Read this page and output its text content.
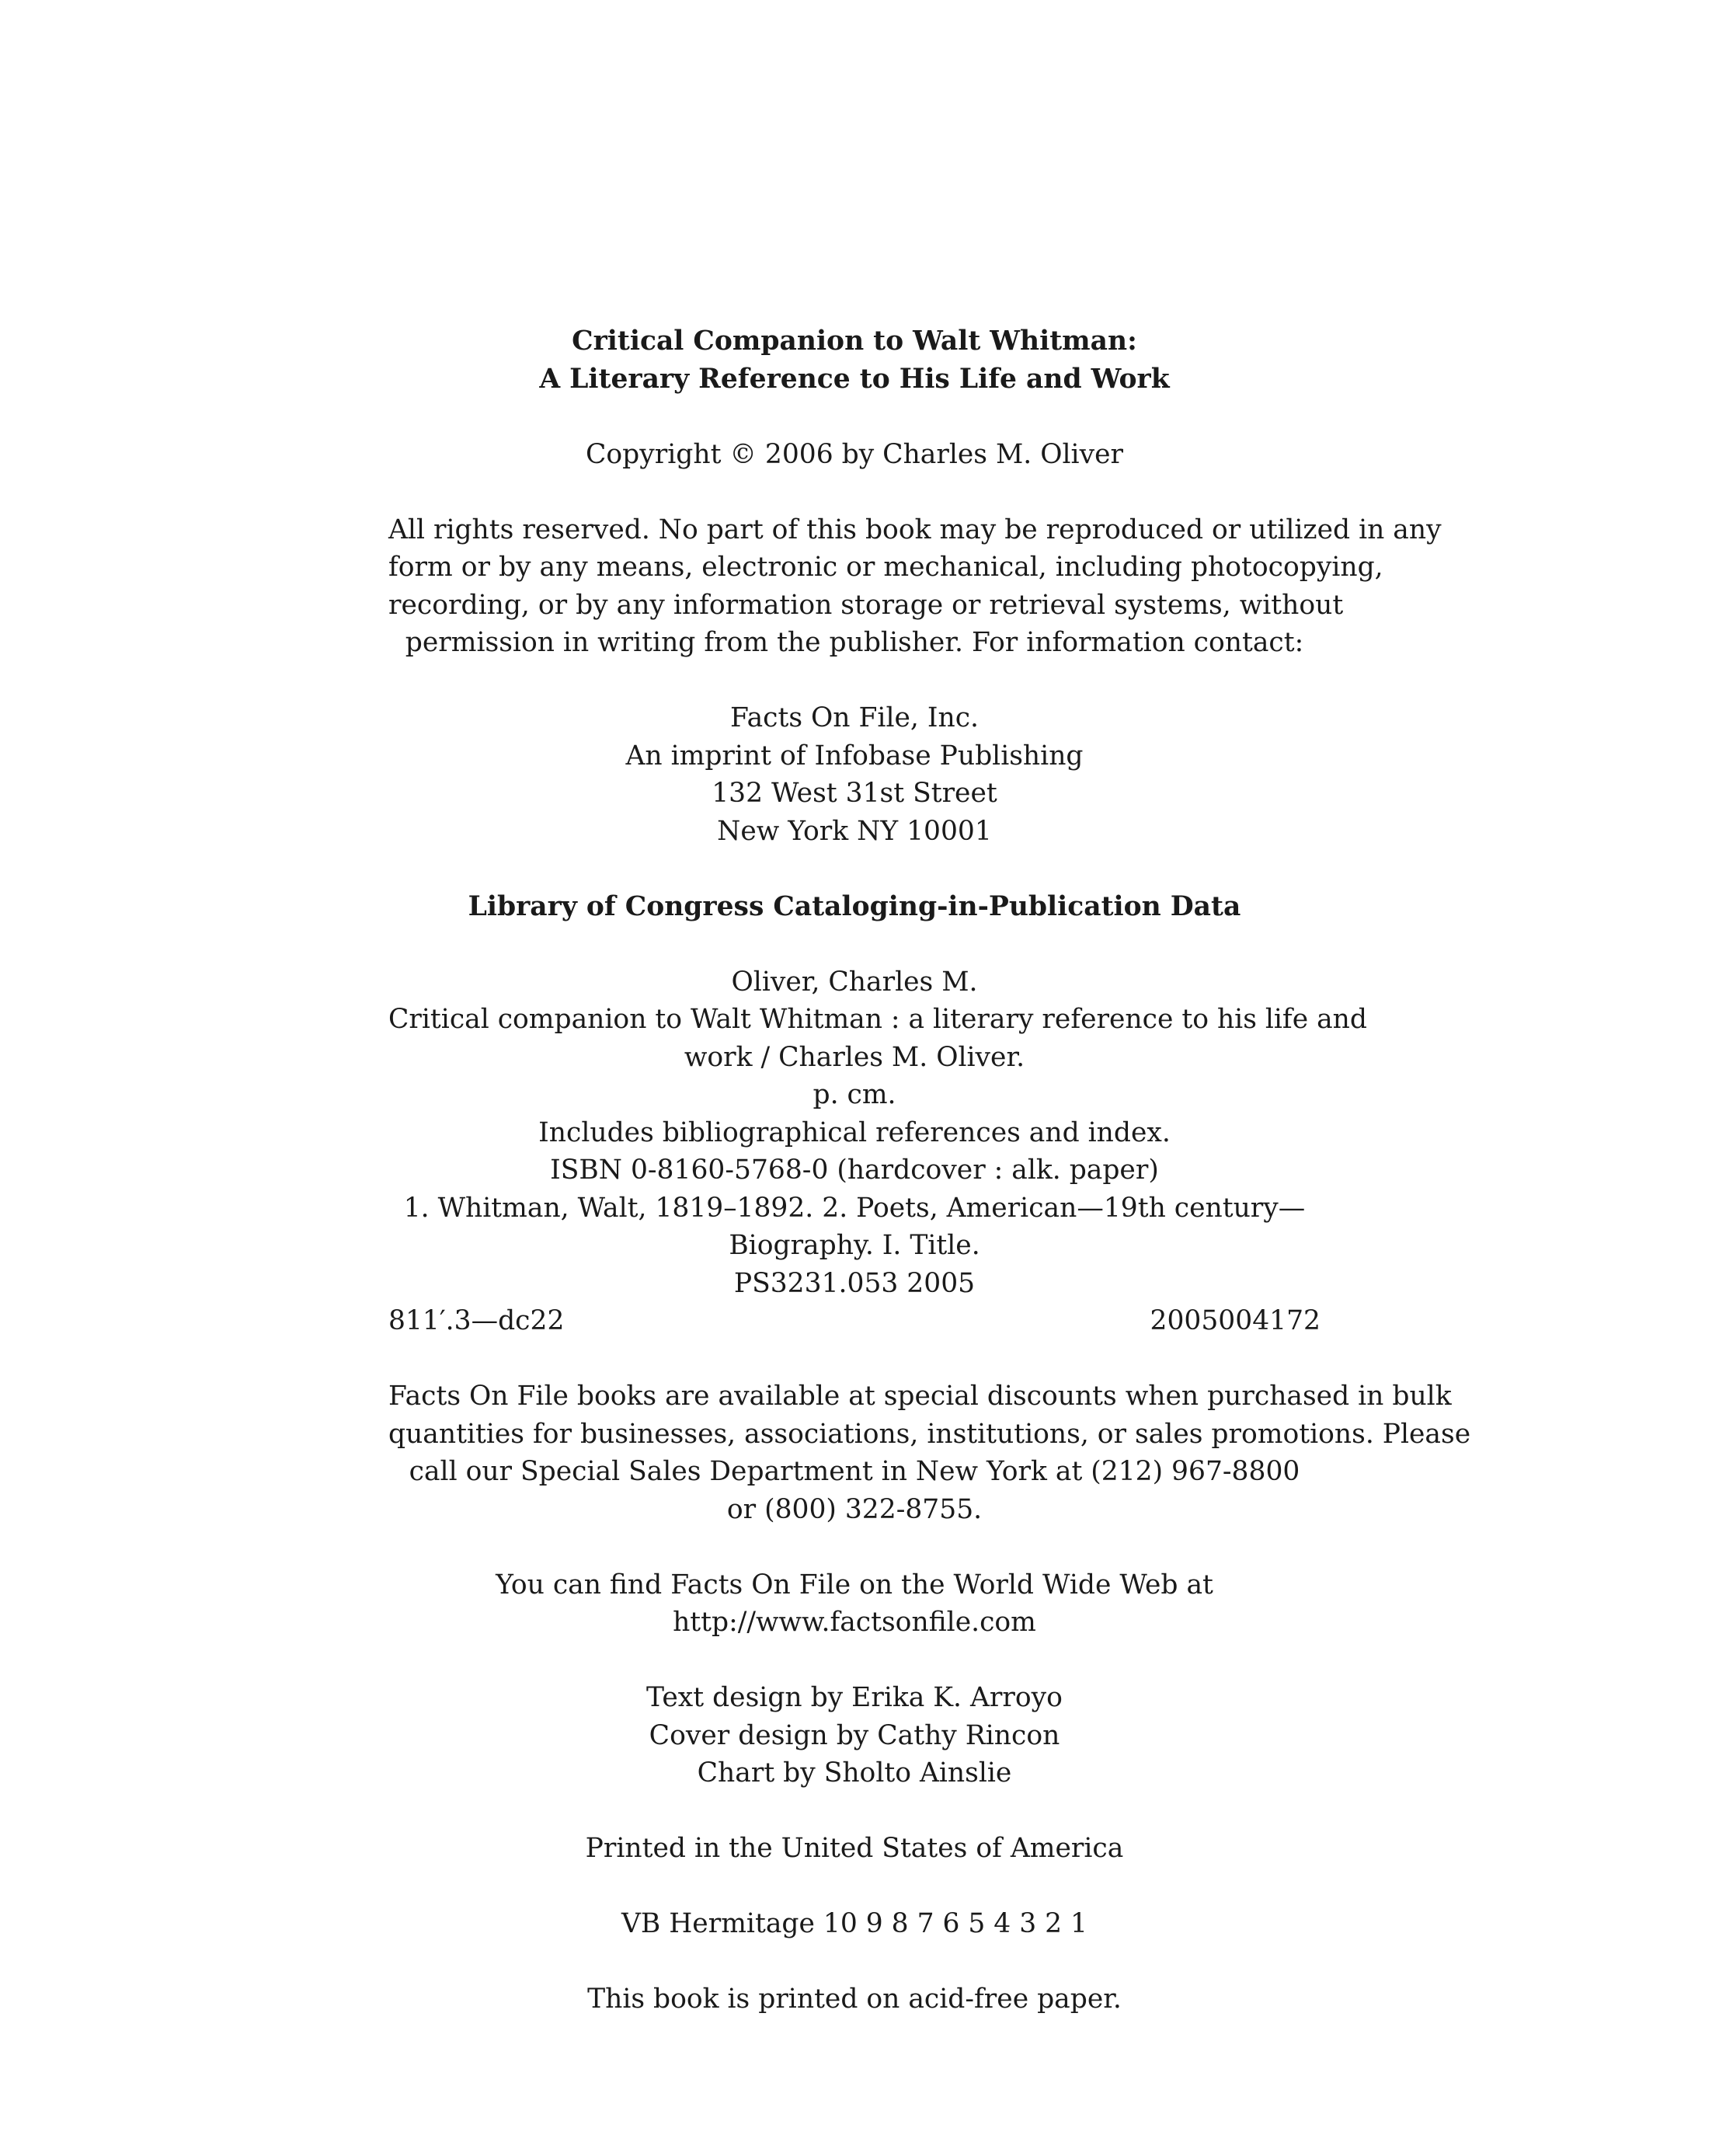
Critical Companion to Walt Whitman:
A Literary Reference to His Life and Work
Copyright © 2006 by Charles M. Oliver
All rights reserved. No part of this book may be reproduced or utilized in any
form or by any means, electronic or mechanical, including photocopying,
recording, or by any information storage or retrieval systems, without
permission in writing from the publisher. For information contact:
Facts On File, Inc.
An imprint of Infobase Publishing
132 West 31st Street
New York NY 10001
Library of Congress Cataloging-in-Publication Data
Oliver, Charles M.
Critical companion to Walt Whitman : a literary reference to his life and
work / Charles M. Oliver.
p. cm.
Includes bibliographical references and index.
ISBN 0-8160-5768-0 (hardcover : alk. paper)
1. Whitman, Walt, 1819–1892. 2. Poets, American—19th century—
Biography. I. Title.
PS3231.053 2005
811′.3—dc22	2005004172
Facts On File books are available at special discounts when purchased in bulk
quantities for businesses, associations, institutions, or sales promotions. Please
call our Special Sales Department in New York at (212) 967-8800
or (800) 322-8755.
You can find Facts On File on the World Wide Web at
http://www.factsonfile.com
Text design by Erika K. Arroyo
Cover design by Cathy Rincon
Chart by Sholto Ainslie
Printed in the United States of America
VB Hermitage 10 9 8 7 6 5 4 3 2 1
This book is printed on acid-free paper.
